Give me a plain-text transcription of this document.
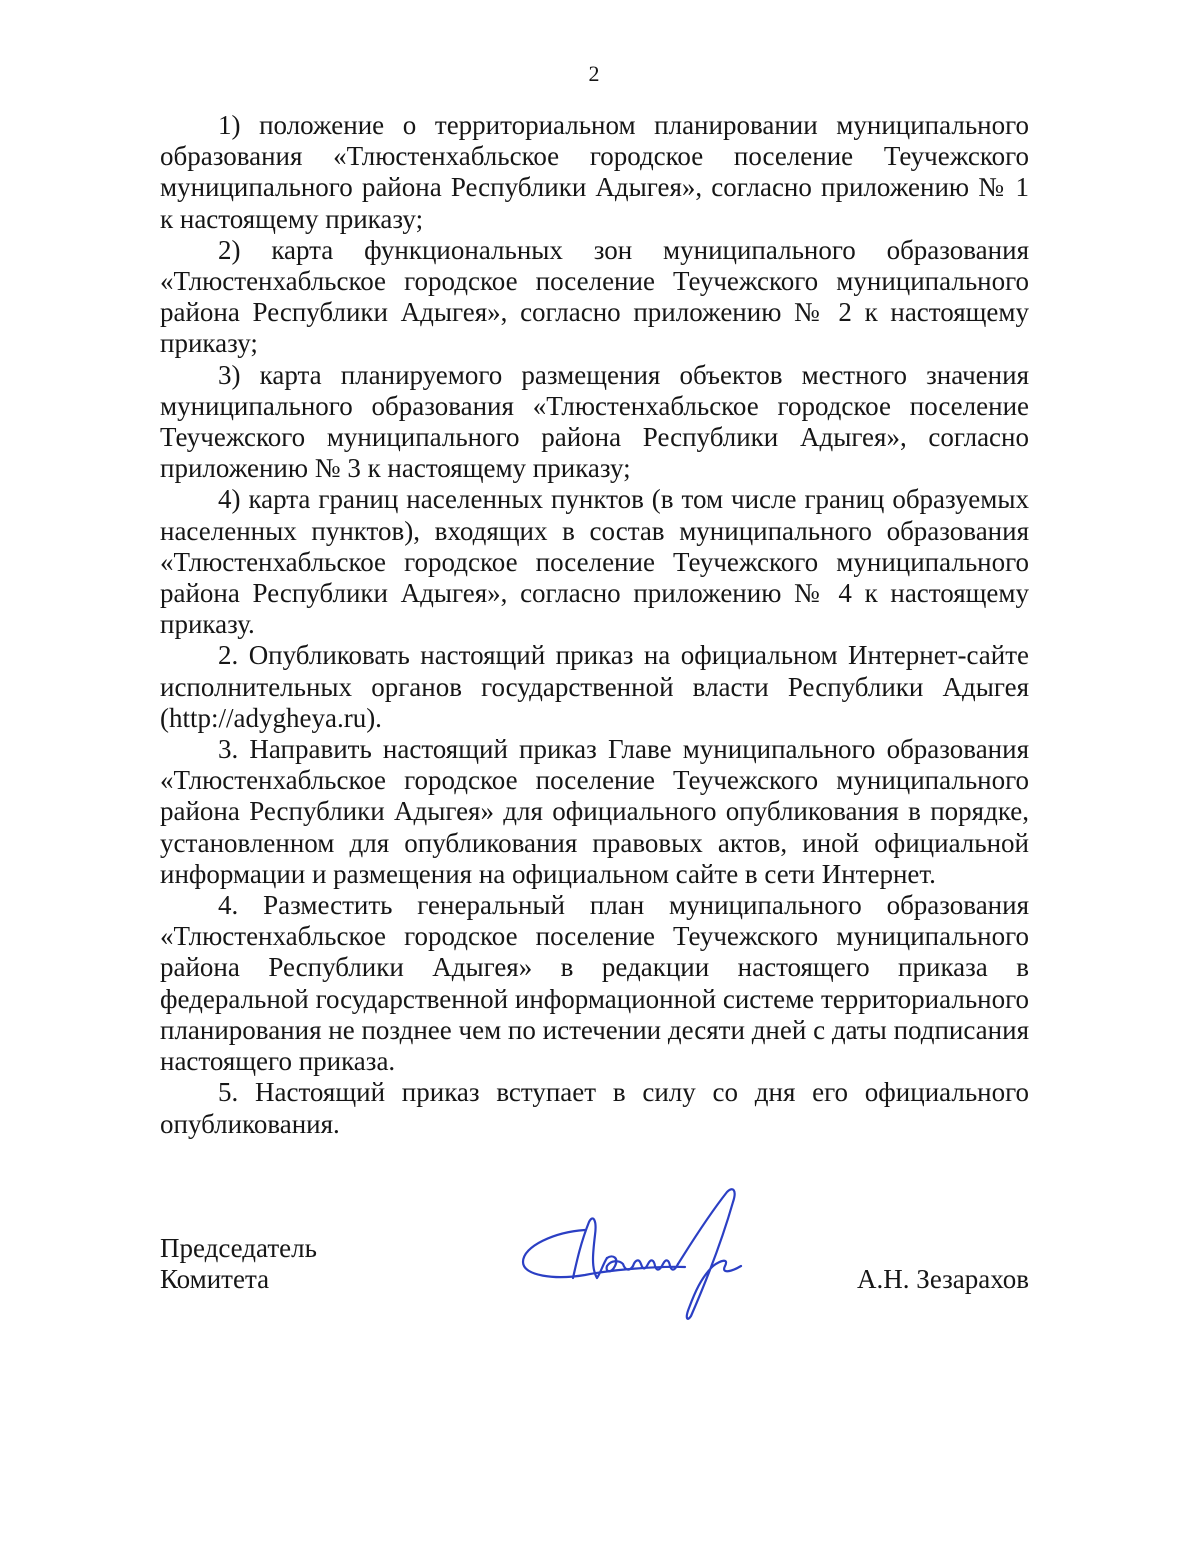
2

1) положение о территориальном планировании муниципального образования «Тлюстенхабльское городское поселение Теучежского муниципального района Республики Адыгея», согласно приложению № 1 к настоящему приказу;

2) карта функциональных зон муниципального образования «Тлюстенхабльское городское поселение Теучежского муниципального района Республики Адыгея», согласно приложению № 2 к настоящему приказу;

3) карта планируемого размещения объектов местного значения муниципального образования «Тлюстенхабльское городское поселение Теучежского муниципального района Республики Адыгея», согласно приложению № 3 к настоящему приказу;

4) карта границ населенных пунктов (в том числе границ образуемых населенных пунктов), входящих в состав муниципального образования «Тлюстенхабльское городское поселение Теучежского муниципального района Республики Адыгея», согласно приложению № 4 к настоящему приказу.

2. Опубликовать настоящий приказ на официальном Интернет-сайте исполнительных органов государственной власти Республики Адыгея (http://adygheya.ru).

3. Направить настоящий приказ Главе муниципального образования «Тлюстенхабльское городское поселение Теучежского муниципального района Республики Адыгея» для официального опубликования в порядке, установленном для опубликования правовых актов, иной официальной информации и размещения на официальном сайте в сети Интернет.

4. Разместить генеральный план муниципального образования «Тлюстенхабльское городское поселение Теучежского муниципального района Республики Адыгея» в редакции настоящего приказа в федеральной государственной информационной системе территориального планирования не позднее чем по истечении десяти дней с даты подписания настоящего приказа.

5. Настоящий приказ вступает в силу со дня его официального опубликования.

Председатель
Комитета	А.Н. Зезарахов
